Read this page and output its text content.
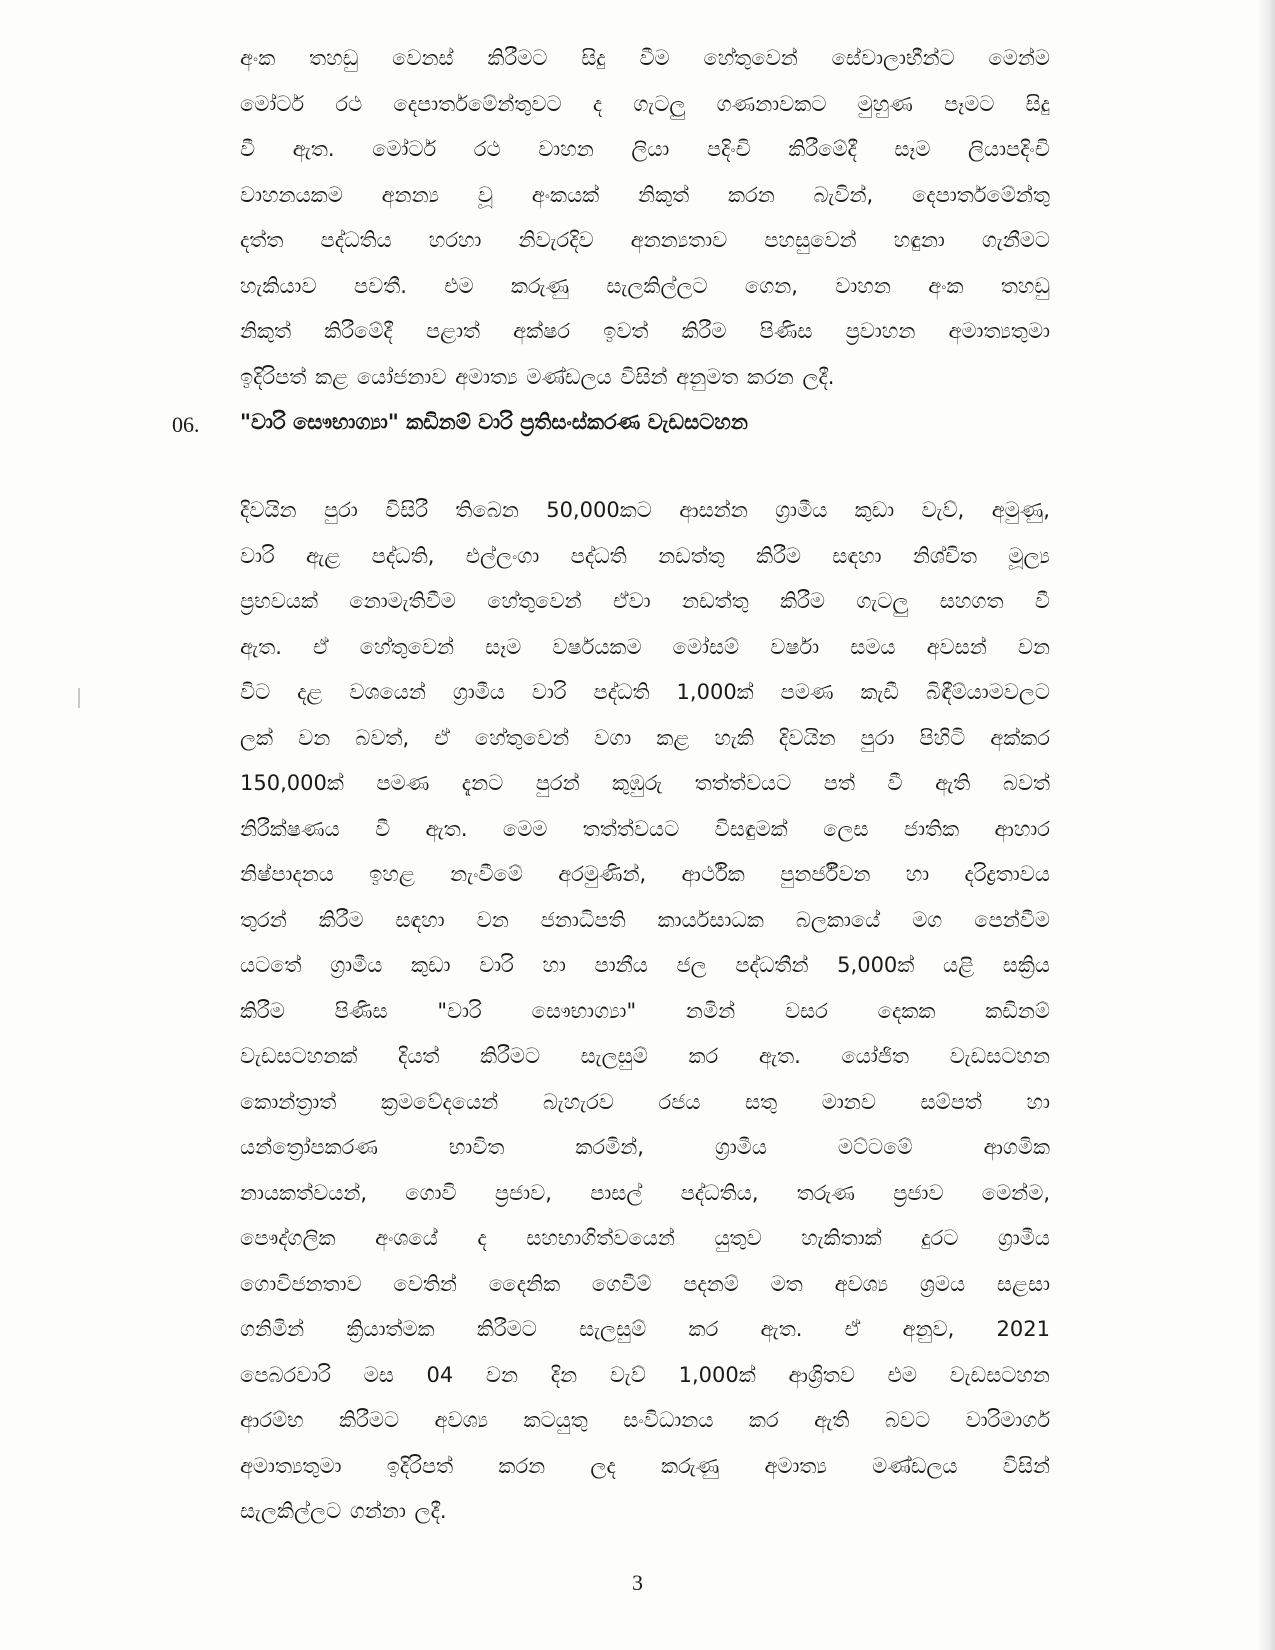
අංක තහඩු වෙනස් කිරීමට සිදු වීම හේතුවෙන් සේවාලාභීන්ට මෙන්ම
මෝටර් රථ දෙපාර්තමේන්තුවට ද ගැටලු ගණනාවකට මුහුණ පෑමට සිදු
වී ඇත. මෝටර් රථ වාහන ලියා පදිංචි කිරීමේදී සෑම ලියාපදිංචි
වාහනයකම අනන්‍ය වූ අංකයක් නිකුත් කරන බැවින්, දෙපාර්තමේන්තු
දත්ත පද්ධතිය හරහා නිවැරදිව අනන්‍යතාව පහසුවෙන් හඳුනා ගැනීමට
හැකියාව පවතී. එම කරුණු සැලකිල්ලට ගෙන, වාහන අංක තහඩු
නිකුත් කිරීමේදී පළාත් අක්ෂර ඉවත් කිරීම පිණිස ප්‍රවාහන අමාත්‍යතුමා
ඉදිරිපත් කළ යෝජනාව අමාත්‍ය මණ්ඩලය විසින් අනුමත කරන ලදී.
06. "වාරි සෞභාග්‍යා" කඩිනම් වාරි ප්‍රතිසංස්කරණ වැඩසටහන
දිවයින පුරා විසිරී තිබෙන 50,000කට ආසන්න ග්‍රාමීය කුඩා වැව්, අමුණු,
වාරි ඇළ පද්ධති, එල්ලංගා පද්ධති නඩත්තු කිරීම සඳහා නිශ්චිත මූල්‍ය
ප්‍රභවයක් නොමැතිවීම හේතුවෙන් ඒවා නඩත්තු කිරීම ගැටලු සහගත වී
ඇත. ඒ හේතුවෙන් සෑම වර්ෂයකම මෝසම් වර්ෂා සමය අවසන් වන
විට දළ වශයෙන් ග්‍රාමීය වාරි පද්ධති 1,000ක් පමණ කැඩී බිඳීම්යාමවලට
ලක් වන බවත්, ඒ හේතුවෙන් වගා කළ හැකි දිවයින පුරා පිහිටි අක්කර
150,000ක් පමණ දැනට පුරන් කුඹුරු තත්ත්වයට පත් වී ඇති බවත්
නිරීක්ෂණය වී ඇත. මෙම තත්ත්වයට විසඳුමක් ලෙස ජාතික ආහාර
නිෂ්පාදනය ඉහළ නැංවීමේ අරමුණින්, ආර්ථික පුනර්ජීවන හා දරිද්‍රතාවය
තුරන් කිරීම සඳහා වන ජනාධිපති කාර්යසාධක බලකායේ මග පෙන්වීම
යටතේ ග්‍රාමීය කුඩා වාරි හා පානීය ජල පද්ධතීන් 5,000ක් යළි සක්‍රිය
කිරීම පිණිස "වාරි සෞභාග්‍යා" නමින් වසර දෙකක කඩිනම්
වැඩසටහනක් දියත් කිරීමට සැලසුම් කර ඇත. යෝජිත වැඩසටහන
කොන්ත්‍රාත් ක්‍රමවේදයෙන් බැහැරව රජය සතු මානව සම්පත් හා
යන්ත්‍රෝපකරණ භාවිත කරමින්, ග්‍රාමීය මට්ටමේ ආගමික
නායකත්වයන්, ගොවි ප්‍රජාව, පාසල් පද්ධතිය, තරුණ ප්‍රජාව මෙන්ම,
පෞද්ගලික අංශයේ ද සහභාගිත්වයෙන් යුතුව හැකිතාක් දුරට ග්‍රාමීය
ගොවිජනතාව වෙතින් දෛනික ගෙවීම් පදනම් මත අවශ්‍ය ශ්‍රමය සළසා
ගනිමින් ක්‍රියාත්මක කිරීමට සැලසුම් කර ඇත. ඒ අනුව, 2021
පෙබරවාරි මස 04 වන දින වැව් 1,000ක් ආශ්‍රිතව එම වැඩසටහන
ආරම්භ කිරීමට අවශ්‍ය කටයුතු සංවිධානය කර ඇති බවට වාරිමාර්ග
අමාත්‍යතුමා ඉදිරිපත් කරන ලද කරුණු අමාත්‍ය මණ්ඩලය විසින්
සැලකිල්ලට ගන්නා ලදී.
3
